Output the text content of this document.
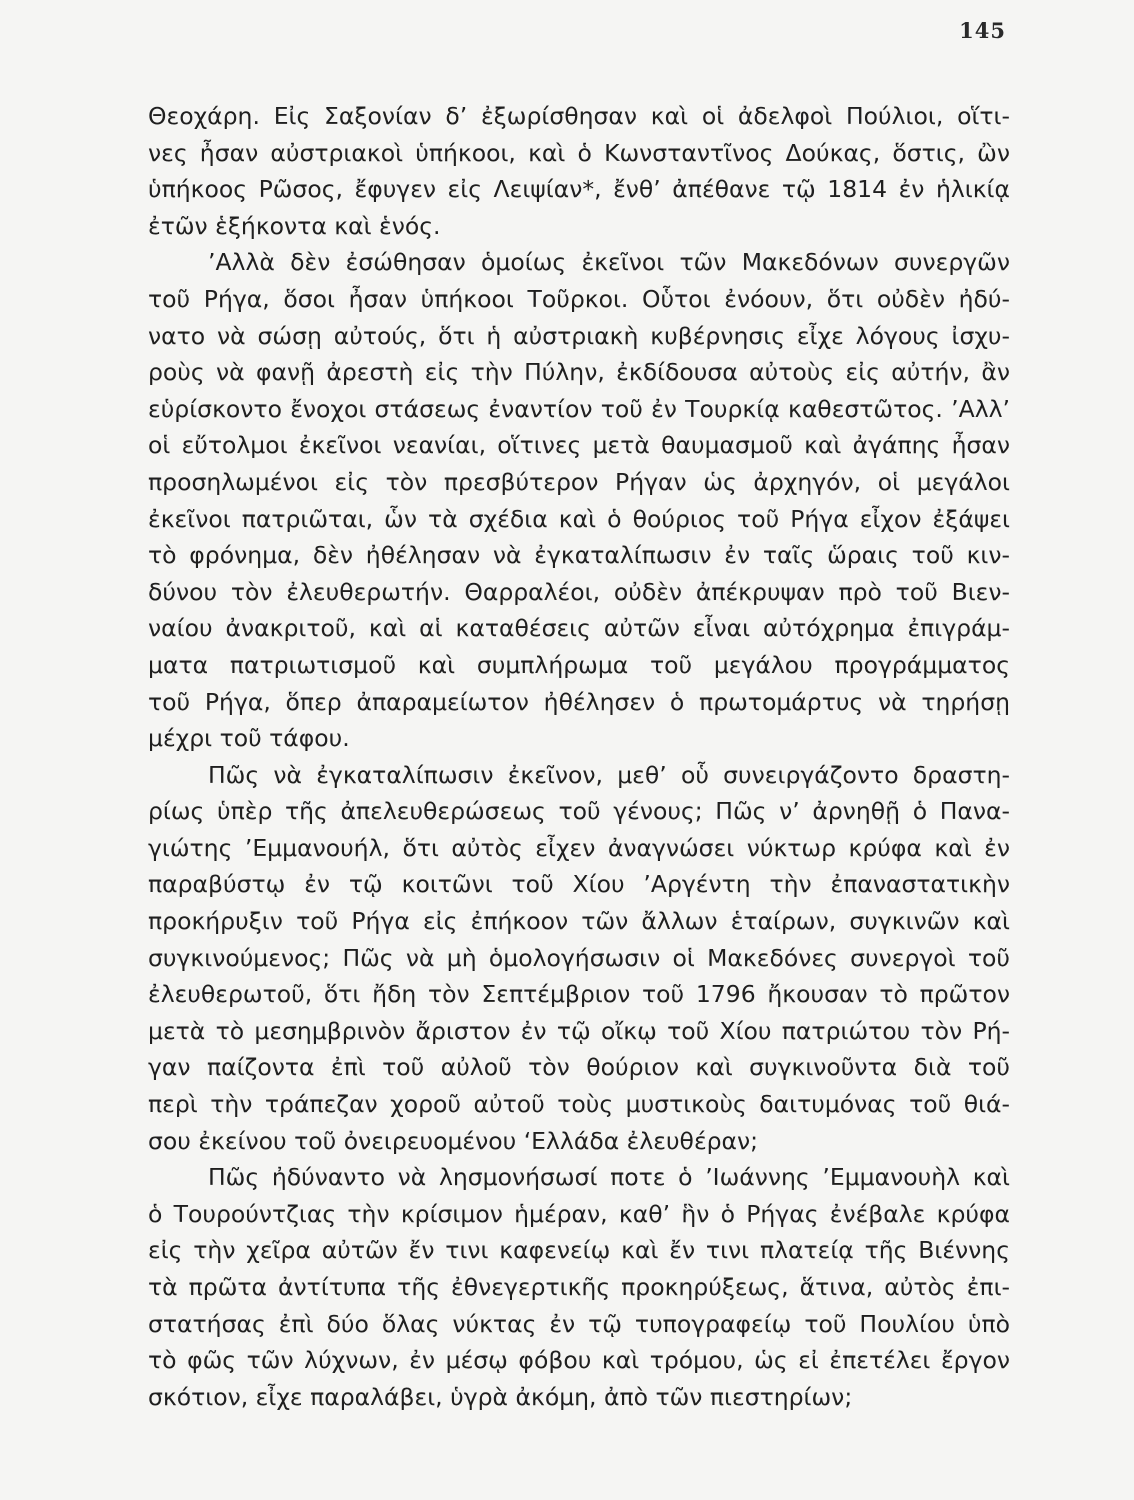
145
Θεοχάρη. Εἰς Σαξονίαν δ’ ἐξωρίσθησαν καὶ οἱ ἀδελφοὶ Πούλιοι, οἵτι-
νες ἦσαν αὐστριακοὶ ὑπήκοοι, καὶ ὁ Κωνσταντῖνος Δούκας, ὅστις, ὢν
ὑπήκοος Ρῶσος, ἔφυγεν εἰς Λειψίαν*, ἔνθ’ ἀπέθανε τῷ 1814 ἐν ἡλικίᾳ
ἐτῶν ἑξήκοντα καὶ ἑνός.
’Αλλὰ δὲν ἐσώθησαν ὁμοίως ἐκεῖνοι τῶν Μακεδόνων συνεργῶν
τοῦ Ρήγα, ὅσοι ἦσαν ὑπήκοοι Τοῦρκοι. Οὗτοι ἐνόουν, ὅτι οὐδὲν ἠδύ-
νατο νὰ σώσῃ αὐτούς, ὅτι ἡ αὐστριακὴ κυβέρνησις εἶχε λόγους ἰσχυ-
ροὺς νὰ φανῇ ἀρεστὴ εἰς τὴν Πύλην, ἐκδίδουσα αὐτοὺς εἰς αὐτήν, ἂν
εὑρίσκοντο ἔνοχοι στάσεως ἐναντίον τοῦ ἐν Τουρκίᾳ καθεστῶτος. ’Αλλ’
οἱ εὔτολμοι ἐκεῖνοι νεανίαι, οἵτινες μετὰ θαυμασμοῦ καὶ ἀγάπης ἦσαν
προσηλωμένοι εἰς τὸν πρεσβύτερον Ρήγαν ὡς ἀρχηγόν, οἱ μεγάλοι
ἐκεῖνοι πατριῶται, ὧν τὰ σχέδια καὶ ὁ θούριος τοῦ Ρήγα εἶχον ἐξάψει
τὸ φρόνημα, δὲν ἠθέλησαν νὰ ἐγκαταλίπωσιν ἐν ταῖς ὥραις τοῦ κιν-
δύνου τὸν ἐλευθερωτήν. Θαρραλέοι, οὐδὲν ἀπέκρυψαν πρὸ τοῦ Βιεν-
ναίου ἀνακριτοῦ, καὶ αἱ καταθέσεις αὐτῶν εἶναι αὐτόχρημα ἐπιγράμ-
ματα πατριωτισμοῦ καὶ συμπλήρωμα τοῦ μεγάλου προγράμματος
τοῦ Ρήγα, ὅπερ ἀπαραμείωτον ἠθέλησεν ὁ πρωτομάρτυς νὰ τηρήσῃ
μέχρι τοῦ τάφου.
Πῶς νὰ ἐγκαταλίπωσιν ἐκεῖνον, μεθ’ οὗ συνειργάζοντο δραστη-
ρίως ὑπὲρ τῆς ἀπελευθερώσεως τοῦ γένους; Πῶς ν’ ἀρνηθῇ ὁ Πανα-
γιώτης ’Εμμανουήλ, ὅτι αὐτὸς εἶχεν ἀναγνώσει νύκτωρ κρύφα καὶ ἐν
παραβύστῳ ἐν τῷ κοιτῶνι τοῦ Χίου ’Αργέντη τὴν ἐπαναστατικὴν
προκήρυξιν τοῦ Ρήγα εἰς ἐπήκοον τῶν ἄλλων ἑταίρων, συγκινῶν καὶ
συγκινούμενος; Πῶς νὰ μὴ ὁμολογήσωσιν οἱ Μακεδόνες συνεργοὶ τοῦ
ἐλευθερωτοῦ, ὅτι ἤδη τὸν Σεπτέμβριον τοῦ 1796 ἤκουσαν τὸ πρῶτον
μετὰ τὸ μεσημβρινὸν ἄριστον ἐν τῷ οἴκῳ τοῦ Χίου πατριώτου τὸν Ρή-
γαν παίζοντα ἐπὶ τοῦ αὐλοῦ τὸν θούριον καὶ συγκινοῦντα διὰ τοῦ
περὶ τὴν τράπεζαν χοροῦ αὐτοῦ τοὺς μυστικοὺς δαιτυμόνας τοῦ θιά-
σου ἐκείνου τοῦ ὀνειρευομένου ‘Ελλάδα ἐλευθέραν;
Πῶς ἠδύναντο νὰ λησμονήσωσί ποτε ὁ ’Ιωάννης ’Εμμανουὴλ καὶ
ὁ Τουρούντζιας τὴν κρίσιμον ἡμέραν, καθ’ ἣν ὁ Ρήγας ἐνέβαλε κρύφα
εἰς τὴν χεῖρα αὐτῶν ἔν τινι καφενείῳ καὶ ἔν τινι πλατείᾳ τῆς Βιέννης
τὰ πρῶτα ἀντίτυπα τῆς ἐθνεγερτικῆς προκηρύξεως, ἅτινα, αὐτὸς ἐπι-
στατήσας ἐπὶ δύο ὅλας νύκτας ἐν τῷ τυπογραφείῳ τοῦ Πουλίου ὑπὸ
τὸ φῶς τῶν λύχνων, ἐν μέσῳ φόβου καὶ τρόμου, ὡς εἰ ἐπετέλει ἔργον
σκότιον, εἶχε παραλάβει, ὑγρὰ ἀκόμη, ἀπὸ τῶν πιεστηρίων;
